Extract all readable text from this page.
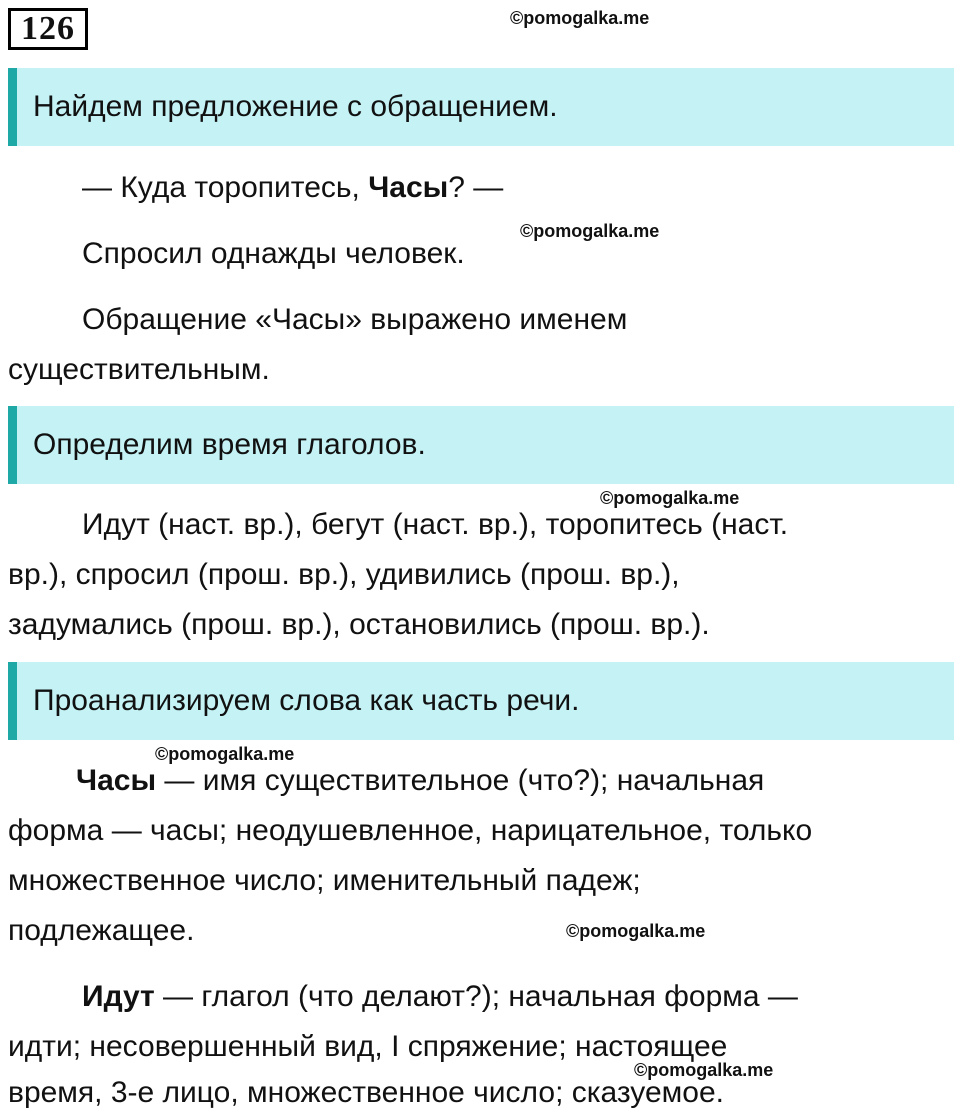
126	©pomogalka.me
Найдем предложение с обращением.
— Куда торопитесь, Часы? —
©pomogalka.me
Спросил однажды человек.
Обращение «Часы» выражено именем
существительным.
Определим время глаголов.
©pomogalka.me
Идут (наст. вр.), бегут (наст. вр.), торопитесь (наст.
вр.), спросил (прош. вр.), удивились (прош. вр.),
задумались (прош. вр.), остановились (прош. вр.).
Проанализируем слова как часть речи.
©pomogalka.me
Часы — имя существительное (что?); начальная
форма — часы; неодушевленное, нарицательное, только
множественное число; именительный падеж;
подлежащее.	©pomogalka.me
Идут — глагол (что делают?); начальная форма —
идти; несовершенный вид, I спряжение; настоящее
время, 3-е лицо, множественное число; сказуемое.
©pomogalka.me
